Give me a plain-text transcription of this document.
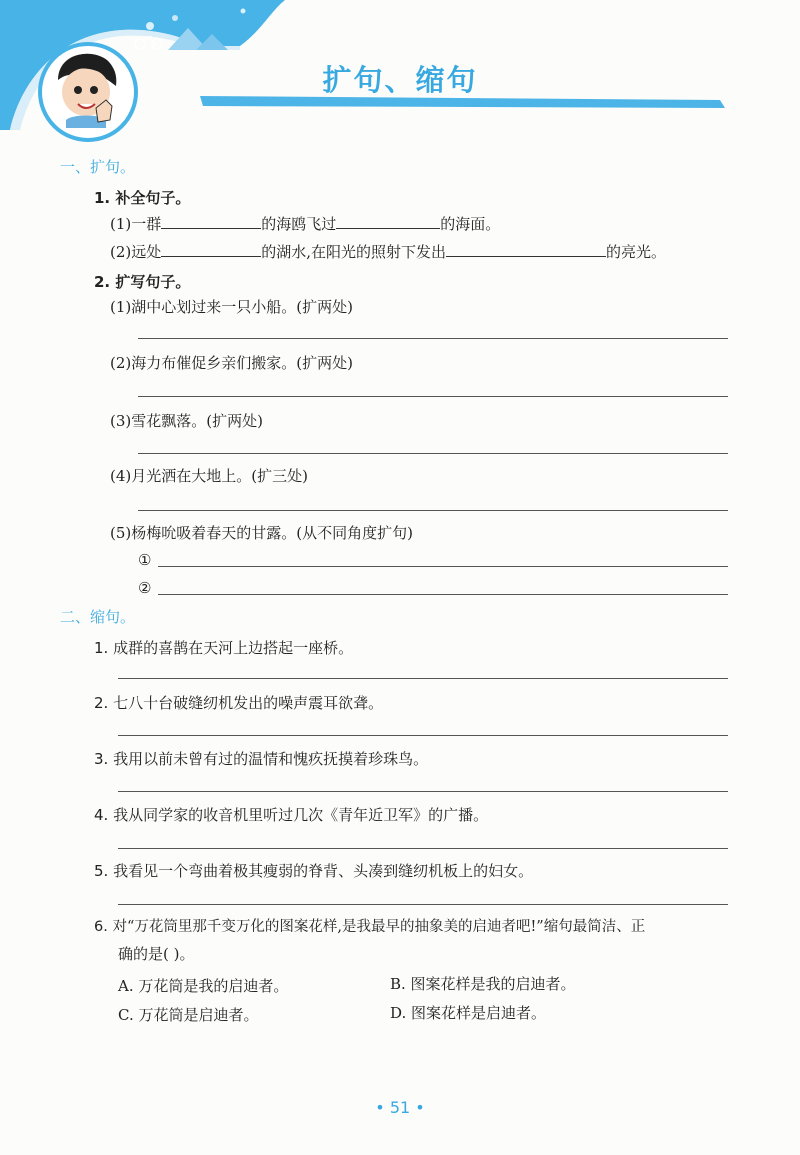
扩句、缩句
一、扩句。
1. 补全句子。
(1)一群	的海鸥飞过	的海面。
(2)远处	的湖水,在阳光的照射下发出	的亮光。
2. 扩写句子。
(1)湖中心划过来一只小船。(扩两处)
(2)海力布催促乡亲们搬家。(扩两处)
(3)雪花飘落。(扩两处)
(4)月光洒在大地上。(扩三处)
(5)杨梅吮吸着春天的甘露。(从不同角度扩句)
①
②
二、缩句。
1. 成群的喜鹊在天河上边搭起一座桥。
2. 七八十台破缝纫机发出的噪声震耳欲聋。
3. 我用以前未曾有过的温情和愧疚抚摸着珍珠鸟。
4. 我从同学家的收音机里听过几次《青年近卫军》的广播。
5. 我看见一个弯曲着极其瘦弱的脊背、头凑到缝纫机板上的妇女。
6. 对“万花筒里那千变万化的图案花样,是我最早的抽象美的启迪者吧!”缩句最简洁、正
确的是( )。
A. 万花筒是我的启迪者。	B. 图案花样是我的启迪者。
C. 万花筒是启迪者。	D. 图案花样是启迪者。
• 51 •
